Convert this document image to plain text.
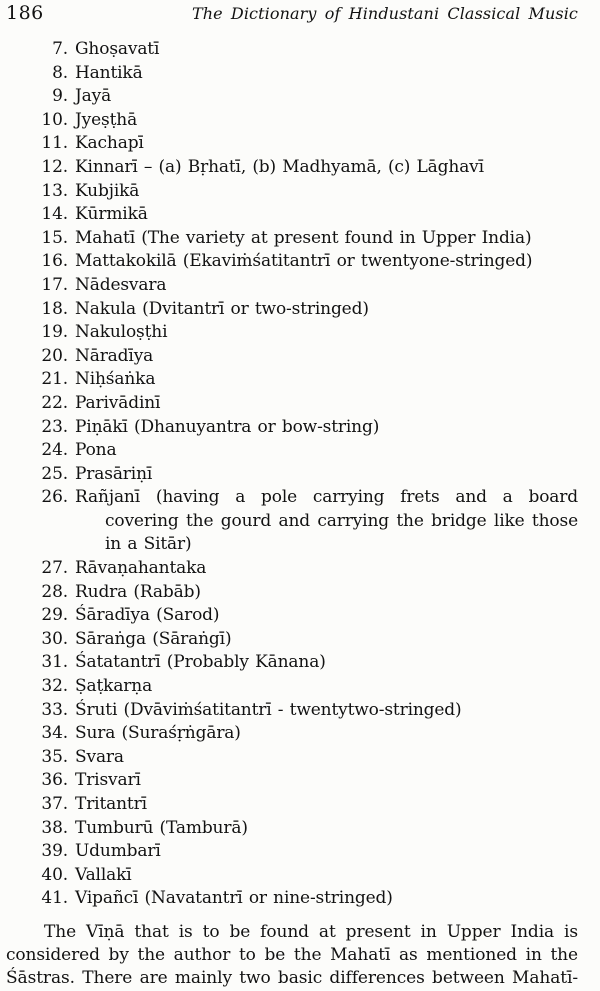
186	The Dictionary of Hindustani Classical Music
7. Ghoṣavatī
8. Hantikā
9. Jayā
10. Jyeṣṭhā
11. Kachapī
12. Kinnarī – (a) Bṛhatī, (b) Madhyamā, (c) Lāghavī
13. Kubjikā
14. Kūrmikā
15. Mahatī (The variety at present found in Upper India)
16. Mattakokilā (Ekaviṁśatitantrī or twentyone-stringed)
17. Nādesvara
18. Nakula (Dvitantrī or two-stringed)
19. Nakuloṣṭhi
20. Nāradīya
21. Niḥśaṅka
22. Parivādinī
23. Piṇākī (Dhanuyantra or bow-string)
24. Pona
25. Prasāriṇī
26. Rañjanī (having a pole carrying frets and a board covering the gourd and carrying the bridge like those in a Sitār)
27. Rāvaṇahantaka
28. Rudra (Rabāb)
29. Śāradīya (Sarod)
30. Sāraṅga (Sāraṅgī)
31. Śatatantrī (Probably Kānana)
32. Ṣaṭkarṇa
33. Śruti (Dvāviṁśatitantrī - twentytwo-stringed)
34. Sura (Suraśṛṅgāra)
35. Svara
36. Trisvarī
37. Tritantrī
38. Tumburū (Tamburā)
39. Udumbarī
40. Vallakī
41. Vipañcī (Navatantrī or nine-stringed)
The Vīṇā that is to be found at present in Upper India is
considered by the author to be the Mahatī as mentioned in the
Śāstras. There are mainly two basic differences between Mahatī-
